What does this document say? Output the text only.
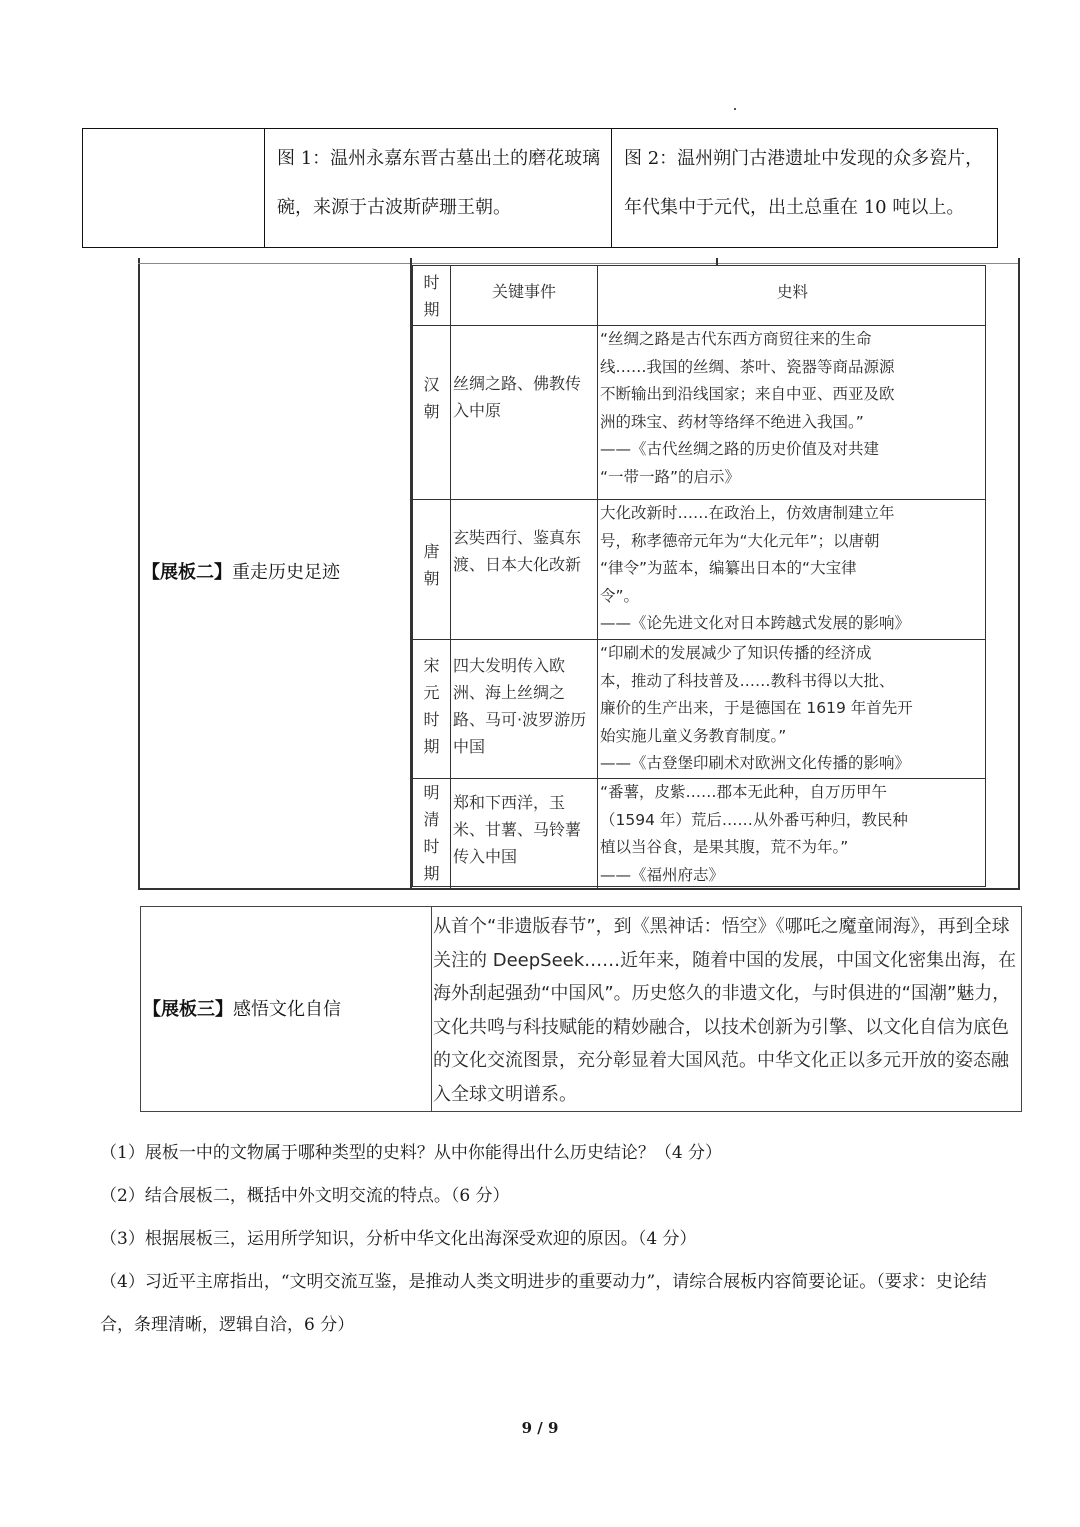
图 1：温州永嘉东晋古墓出土的磨花玻璃碗，来源于古波斯萨珊王朝。
图 2：温州朔门古港遗址中发现的众多瓷片，年代集中于元代，出土总重在 10 吨以上。
【展板二】重走历史足迹
时
期
关键事件	史料
汉
朝
丝绸之路、佛教传入中原
“丝绸之路是古代东西方商贸往来的生命
线……我国的丝绸、茶叶、瓷器等商品源源
不断输出到沿线国家；来自中亚、西亚及欧
洲的珠宝、药材等络绎不绝进入我国。”
——《古代丝绸之路的历史价值及对共建
“一带一路”的启示》
唐
朝
玄奘西行、鉴真东渡、日本大化改新
大化改新时……在政治上，仿效唐制建立年
号，称孝德帝元年为“大化元年”；以唐朝
“律令”为蓝本，编纂出日本的“大宝律
令”。
——《论先进文化对日本跨越式发展的影响》
宋
元
时
期
四大发明传入欧洲、海上丝绸之路、马可·波罗游历中国
“印刷术的发展减少了知识传播的经济成
本，推动了科技普及……教科书得以大批、
廉价的生产出来，于是德国在 1619 年首先开
始实施儿童义务教育制度。”
——《古登堡印刷术对欧洲文化传播的影响》
明
清
时
期
郑和下西洋，玉米、甘薯、马铃薯传入中国
“番薯，皮紫……郡本无此种，自万历甲午
（1594 年）荒后……从外番丐种归，教民种
植以当谷食，是果其腹，荒不为年。”
——《福州府志》
【展板三】感悟文化自信
从首个“非遗版春节”，到《黑神话：悟空》《哪吒之魔童闹海》，再到全球关注的 DeepSeek……近年来，随着中国的发展，中国文化密集出海，在海外刮起强劲“中国风”。历史悠久的非遗文化，与时俱进的“国潮”魅力，文化共鸣与科技赋能的精妙融合，以技术创新为引擎、以文化自信为底色的文化交流图景，充分彰显着大国风范。中华文化正以多元开放的姿态融入全球文明谱系。
（1）展板一中的文物属于哪种类型的史料？从中你能得出什么历史结论？（4 分）
（2）结合展板二，概括中外文明交流的特点。（6 分）
（3）根据展板三，运用所学知识，分析中华文化出海深受欢迎的原因。（4 分）
（4）习近平主席指出，“文明交流互鉴，是推动人类文明进步的重要动力”，请综合展板内容简要论证。（要求：史论结合，条理清晰，逻辑自洽，6 分）
9 / 9
